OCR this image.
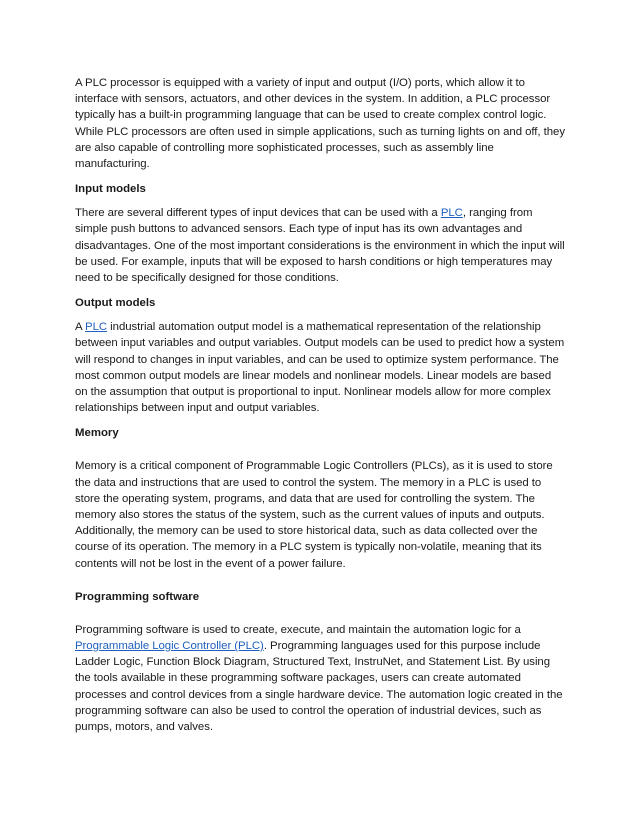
A PLC processor is equipped with a variety of input and output (I/O) ports, which allow it to interface with sensors, actuators, and other devices in the system. In addition, a PLC processor typically has a built-in programming language that can be used to create complex control logic. While PLC processors are often used in simple applications, such as turning lights on and off, they are also capable of controlling more sophisticated processes, such as assembly line manufacturing.

Input models

There are several different types of input devices that can be used with a PLC, ranging from simple push buttons to advanced sensors. Each type of input has its own advantages and disadvantages. One of the most important considerations is the environment in which the input will be used. For example, inputs that will be exposed to harsh conditions or high temperatures may need to be specifically designed for those conditions.

Output models

A PLC industrial automation output model is a mathematical representation of the relationship between input variables and output variables. Output models can be used to predict how a system will respond to changes in input variables, and can be used to optimize system performance. The most common output models are linear models and nonlinear models. Linear models are based on the assumption that output is proportional to input. Nonlinear models allow for more complex relationships between input and output variables.

Memory

Memory is a critical component of Programmable Logic Controllers (PLCs), as it is used to store the data and instructions that are used to control the system. The memory in a PLC is used to store the operating system, programs, and data that are used for controlling the system. The memory also stores the status of the system, such as the current values of inputs and outputs. Additionally, the memory can be used to store historical data, such as data collected over the course of its operation. The memory in a PLC system is typically non-volatile, meaning that its contents will not be lost in the event of a power failure.

Programming software

Programming software is used to create, execute, and maintain the automation logic for a Programmable Logic Controller (PLC). Programming languages used for this purpose include Ladder Logic, Function Block Diagram, Structured Text, InstruNet, and Statement List. By using the tools available in these programming software packages, users can create automated processes and control devices from a single hardware device. The automation logic created in the programming software can also be used to control the operation of industrial devices, such as pumps, motors, and valves.
